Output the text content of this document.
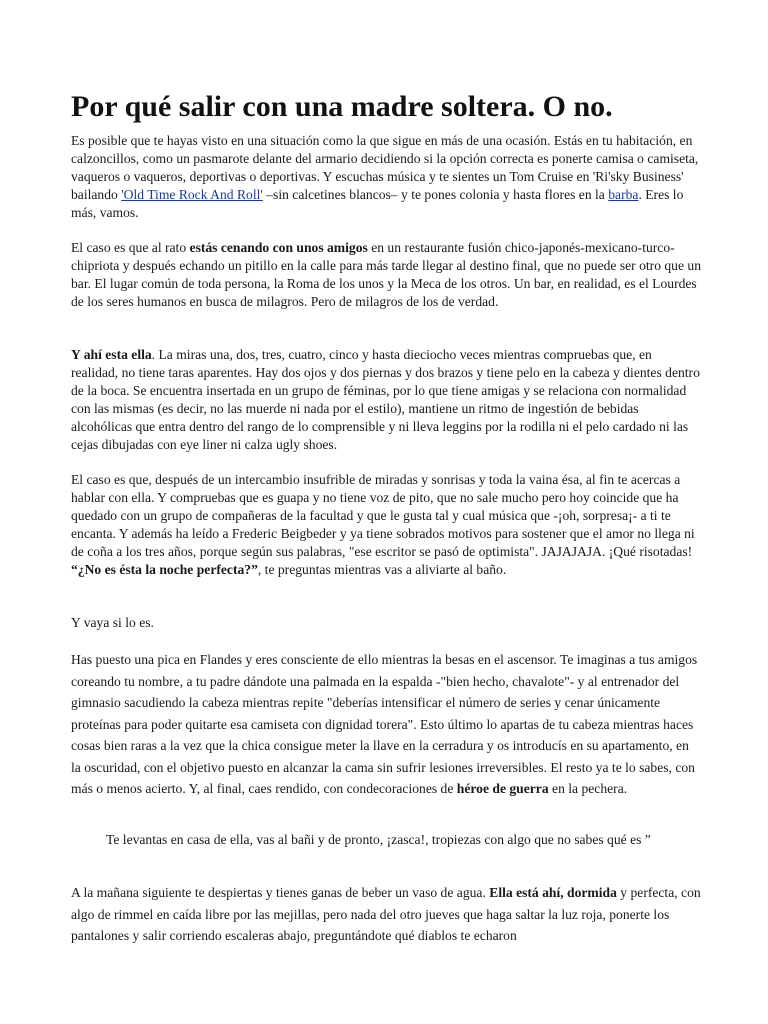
Por qué salir con una madre soltera. O no.

Es posible que te hayas visto en una situación como la que sigue en más de una ocasión. Estás en tu habitación, en calzoncillos, como un pasmarote delante del armario decidiendo si la opción correcta es ponerte camisa o camiseta, vaqueros o vaqueros, deportivas o deportivas. Y escuchas música y te sientes un Tom Cruise en 'Ri'sky Business' bailando 'Old Time Rock And Roll' –sin calcetines blancos– y te pones colonia y hasta flores en la barba. Eres lo más, vamos.

El caso es que al rato estás cenando con unos amigos en un restaurante fusión chico-japonés-mexicano-turco-chipriota y después echando un pitillo en la calle para más tarde llegar al destino final, que no puede ser otro que un bar. El lugar común de toda persona, la Roma de los unos y la Meca de los otros. Un bar, en realidad, es el Lourdes de los seres humanos en busca de milagros. Pero de milagros de los de verdad.

Y ahí esta ella. La miras una, dos, tres, cuatro, cinco y hasta dieciocho veces mientras compruebas que, en realidad, no tiene taras aparentes. Hay dos ojos y dos piernas y dos brazos y tiene pelo en la cabeza y dientes dentro de la boca. Se encuentra insertada en un grupo de féminas, por lo que tiene amigas y se relaciona con normalidad con las mismas (es decir, no las muerde ni nada por el estilo), mantiene un ritmo de ingestión de bebidas alcohólicas que entra dentro del rango de lo comprensible y ni lleva leggins por la rodilla ni el pelo cardado ni las cejas dibujadas con eye liner ni calza ugly shoes.

El caso es que, después de un intercambio insufrible de miradas y sonrisas y toda la vaina ésa, al fin te acercas a hablar con ella. Y compruebas que es guapa y no tiene voz de pito, que no sale mucho pero hoy coincide que ha quedado con un grupo de compañeras de la facultad y que le gusta tal y cual música que -¡oh, sorpresa¡- a ti te encanta. Y además ha leído a Frederic Beigbeder y ya tiene sobrados motivos para sostener que el amor no llega ni de coña a los tres años, porque según sus palabras, "ese escritor se pasó de optimista". JAJAJAJA. ¡Qué risotadas! “¿No es ésta la noche perfecta?”, te preguntas mientras vas a aliviarte al baño.

Y vaya si lo es.

Has puesto una pica en Flandes y eres consciente de ello mientras la besas en el ascensor. Te imaginas a tus amigos coreando tu nombre, a tu padre dándote una palmada en la espalda -"bien hecho, chavalote"- y al entrenador del gimnasio sacudiendo la cabeza mientras repite "deberías intensificar el número de series y cenar únicamente proteínas para poder quitarte esa camiseta con dignidad torera". Esto último lo apartas de tu cabeza mientras haces cosas bien raras a la vez que la chica consigue meter la llave en la cerradura y os introducís en su apartamento, en la oscuridad, con el objetivo puesto en alcanzar la cama sin sufrir lesiones irreversibles. El resto ya te lo sabes, con más o menos acierto. Y, al final, caes rendido, con condecoraciones de héroe de guerra en la pechera.

Te levantas en casa de ella, vas al bañi y de pronto, ¡zasca!, tropiezas con algo que no sabes qué es ”

A la mañana siguiente te despiertas y tienes ganas de beber un vaso de agua. Ella está ahí, dormida y perfecta, con algo de rimmel en caída libre por las mejillas, pero nada del otro jueves que haga saltar la luz roja, ponerte los pantalones y salir corriendo escaleras abajo, preguntándote qué diablos te echaron
